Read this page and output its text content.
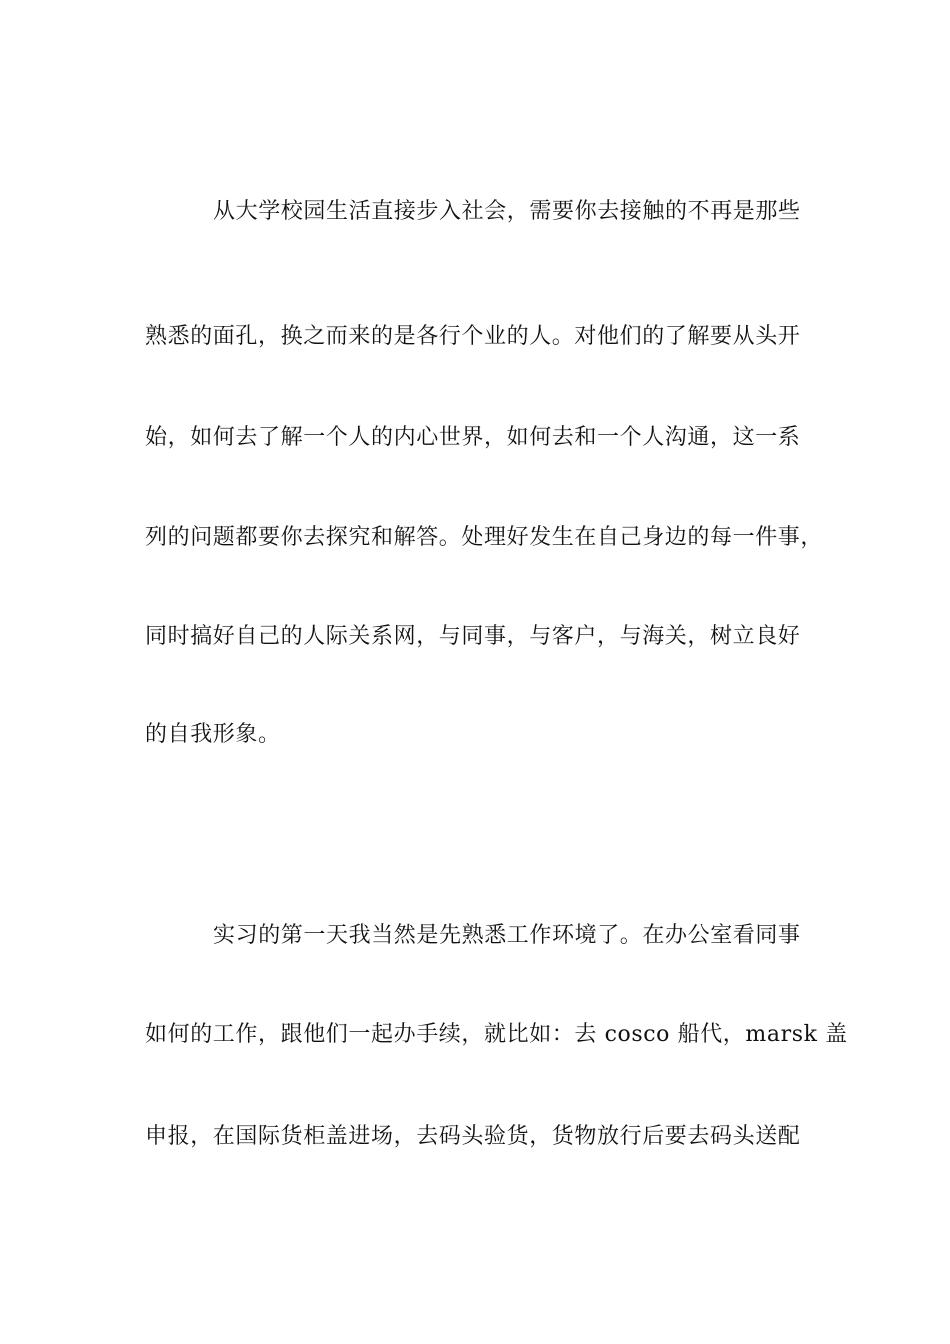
从大学校园生活直接步入社会，需要你去接触的不再是那些
熟悉的面孔，换之而来的是各行个业的人。对他们的了解要从头开
始，如何去了解一个人的内心世界，如何去和一个人沟通，这一系
列的问题都要你去探究和解答。处理好发生在自己身边的每一件事，
同时搞好自己的人际关系网，与同事，与客户，与海关，树立良好
的自我形象。
实习的第一天我当然是先熟悉工作环境了。在办公室看同事
如何的工作，跟他们一起办手续，就比如：去 cosco 船代，marsk 盖
申报，在国际货柜盖进场，去码头验货，货物放行后要去码头送配
